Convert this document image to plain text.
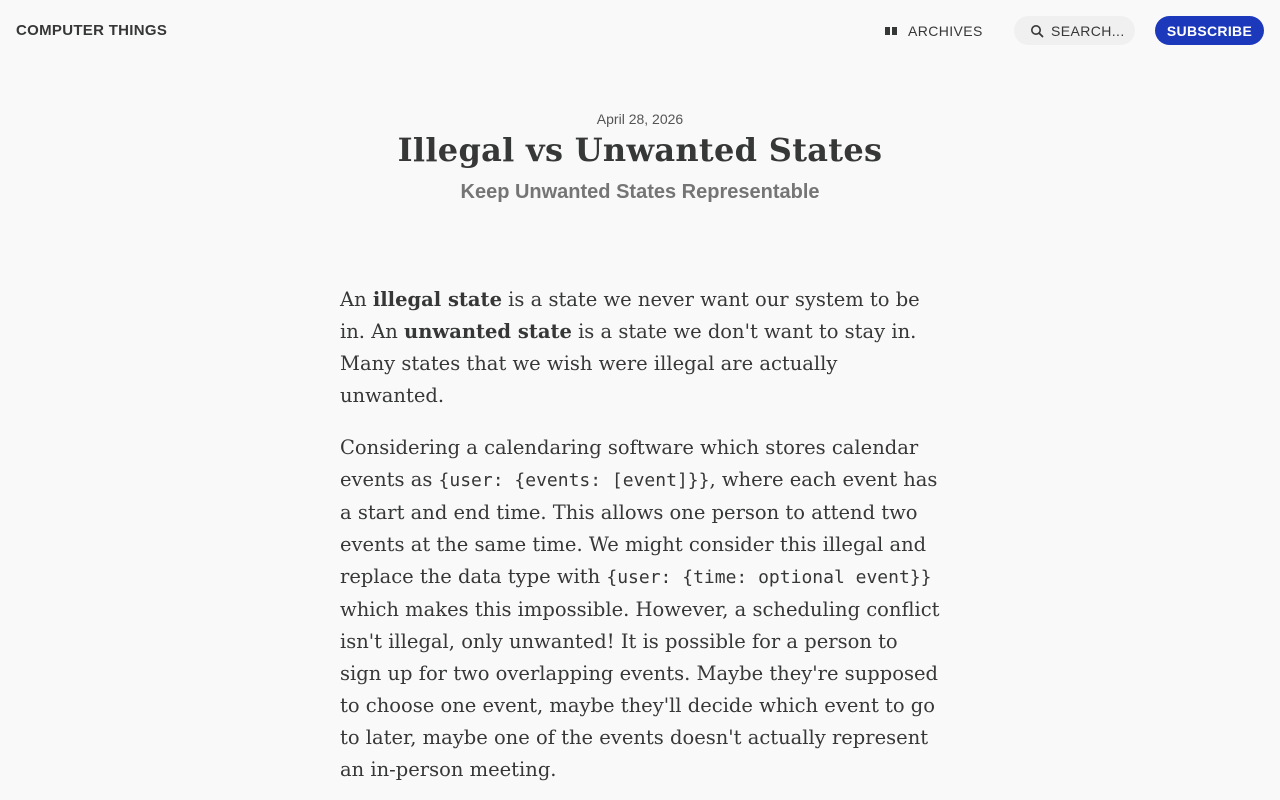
COMPUTER THINGS	ARCHIVES	SEARCH...	SUBSCRIBE
April 28, 2026
Illegal vs Unwanted States
Keep Unwanted States Representable

An illegal state is a state we never want our system to be in. An unwanted state is a state we don't want to stay in. Many states that we wish were illegal are actually unwanted.

Considering a calendaring software which stores calendar events as {user: {events: [event]}}, where each event has a start and end time. This allows one person to attend two events at the same time. We might consider this illegal and replace the data type with {user: {time: optional event}} which makes this impossible. However, a scheduling conflict isn't illegal, only unwanted! It is possible for a person to sign up for two overlapping events. Maybe they're supposed to choose one event, maybe they'll decide which event to go to later, maybe one of the events doesn't actually represent an in-person meeting.
